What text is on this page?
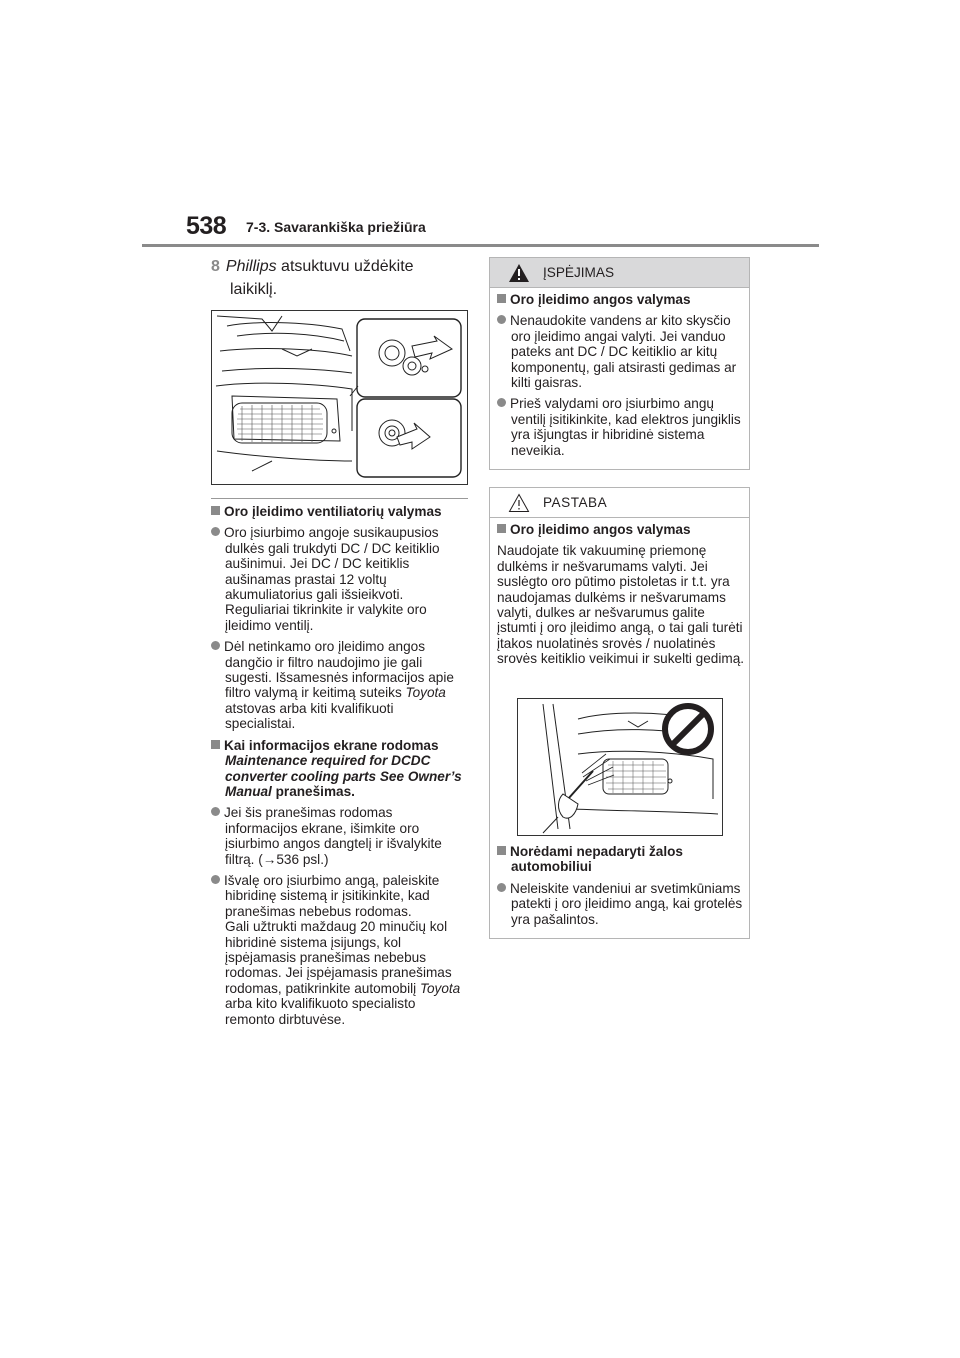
538 7-3. Savarankiška priežiūra
8 Phillips atsuktuvu uždėkite
laikiklį.
Oro įleidimo ventiliatorių valymas
Oro įsiurbimo angoje susikaupusios dulkės gali trukdyti DC / DC keitiklio aušinimui. Jei DC / DC keitiklis aušinamas prastai 12 voltų akumuliatorius gali išsieikvoti. Reguliariai tikrinkite ir valykite oro įleidimo ventilį.
Dėl netinkamo oro įleidimo angos dangčio ir filtro naudojimo jie gali sugesti. Išsamesnės informacijos apie filtro valymą ir keitimą suteiks Toyota atstovas arba kiti kvalifikuoti specialistai.
Kai informacijos ekrane rodomas Maintenance required for DCDC converter cooling parts See Owner’s Manual pranešimas.
Jei šis pranešimas rodomas informacijos ekrane, išimkite oro įsiurbimo angos dangtelį ir išvalykite filtrą. (→536 psl.)
Išvalę oro įsiurbimo angą, paleiskite hibridinę sistemą ir įsitikinkite, kad pranešimas nebebus rodomas.
Gali užtrukti maždaug 20 minučių kol hibridinė sistema įsijungs, kol įspėjamasis pranešimas nebebus rodomas. Jei įspėjamasis pranešimas rodomas, patikrinkite automobilį Toyota arba kito kvalifikuoto specialisto remonto dirbtuvėse.
ĮSPĖJIMAS
Oro įleidimo angos valymas
Nenaudokite vandens ar kito skysčio oro įleidimo angai valyti. Jei vanduo pateks ant DC / DC keitiklio ar kitų komponentų, gali atsirasti gedimas ar kilti gaisras.
Prieš valydami oro įsiurbimo angų ventilį įsitikinkite, kad elektros jungiklis yra išjungtas ir hibridinė sistema neveikia.
PASTABA
Oro įleidimo angos valymas
Naudojate tik vakuuminę priemonę dulkėms ir nešvarumams valyti. Jei suslėgto oro pūtimo pistoletas ir t.t. yra naudojamas dulkėms ir nešvarumams valyti, dulkes ar nešvarumus galite įstumti į oro įleidimo angą, o tai gali turėti įtakos nuolatinės srovės / nuolatinės srovės keitiklio veikimui ir sukelti gedimą.
Norėdami nepadaryti žalos automobiliui
Neleiskite vandeniui ar svetimkūniams patekti į oro įleidimo angą, kai grotelės yra pašalintos.
